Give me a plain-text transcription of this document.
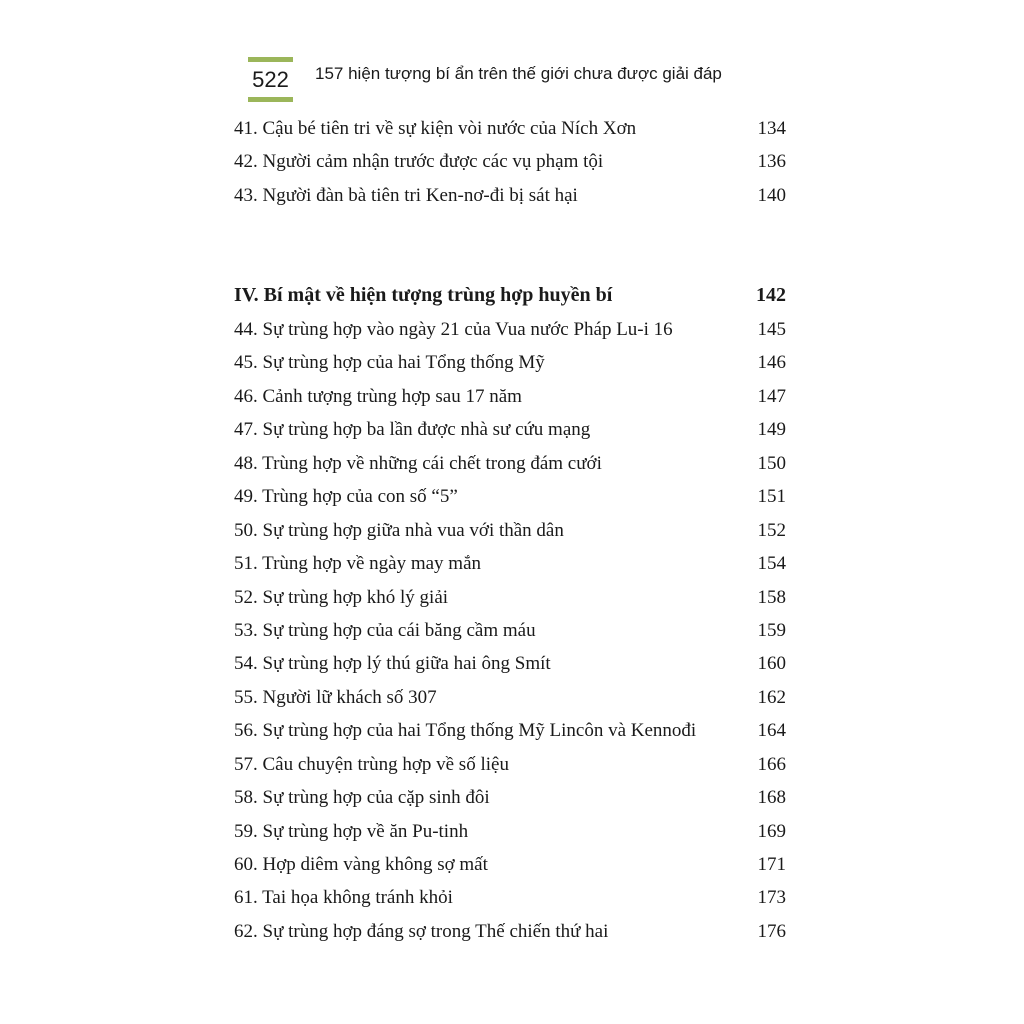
522 157 hiện tượng bí ẩn trên thế giới chưa được giải đáp
41. Cậu bé tiên tri về sự kiện vòi nước của Ních Xơn	134
42. Người cảm nhận trước được các vụ phạm tội	136
43. Người đàn bà tiên tri Ken-nơ-đi bị sát hại	140
IV. Bí mật về hiện tượng trùng hợp huyền bí	142
44. Sự trùng hợp vào ngày 21 của Vua nước Pháp Lu-i 16	145
45. Sự trùng hợp của hai Tổng thống Mỹ	146
46. Cảnh tượng trùng hợp sau 17 năm	147
47. Sự trùng hợp ba lần được nhà sư cứu mạng	149
48. Trùng hợp về những cái chết trong đám cưới	150
49. Trùng hợp của con số “5”	151
50. Sự trùng hợp giữa nhà vua với thần dân	152
51. Trùng hợp về ngày may mắn	154
52. Sự trùng hợp khó lý giải	158
53. Sự trùng hợp của cái băng cầm máu	159
54. Sự trùng hợp lý thú giữa hai ông Smít	160
55. Người lữ khách số 307	162
56. Sự trùng hợp của hai Tổng thống Mỹ Lincôn và Kennođi	164
57. Câu chuyện trùng hợp về số liệu	166
58. Sự trùng hợp của cặp sinh đôi	168
59. Sự trùng hợp về ăn Pu-tinh	169
60. Hợp diêm vàng không sợ mất	171
61. Tai họa không tránh khỏi	173
62. Sự trùng hợp đáng sợ trong Thế chiến thứ hai	176
